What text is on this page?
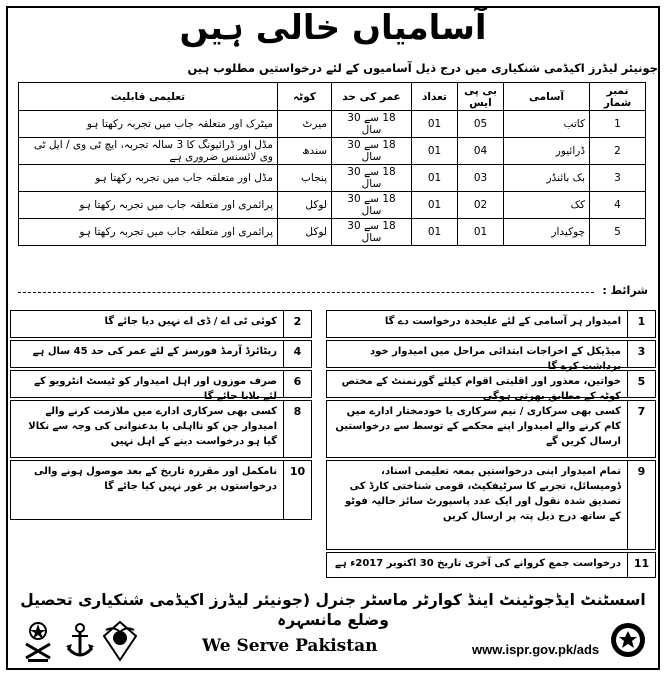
آسامیاں خالی ہیں
جونیئر لیڈرز اکیڈمی شنکیاری میں درج ذیل آسامیوں کے لئے درخواستیں مطلوب ہیں
نمبر شمار	آسامی	بی پی ایس	تعداد	عمر کی حد	کوٹہ	تعلیمی قابلیت
1	کاتب	05	01	18 سے 30 سال	میرٹ	میٹرک اور متعلقہ جاب میں تجربہ رکھتا ہو
2	ڈرائیور	04	01	18 سے 30 سال	سندھ	مڈل اور ڈرائیونگ کا 3 سالہ تجربہ، ایچ ٹی وی / ایل ٹی وی لائسنس ضروری ہے
3	بک بائنڈر	03	01	18 سے 30 سال	پنجاب	مڈل اور متعلقہ جاب میں تجربہ رکھتا ہو
4	کک	02	01	18 سے 30 سال	لوکل	پرائمری اور متعلقہ جاب میں تجربہ رکھتا ہو
5	چوکیدار	01	01	18 سے 30 سال	لوکل	پرائمری اور متعلقہ جاب میں تجربہ رکھتا ہو
شرائط :
1
امیدوار ہر آسامی کے لئے علیحدہ درخواست دے گا
3
میڈیکل کے اخراجات ابتدائی مراحل میں امیدوار خود برداشت کرے گا
5
خواتین، معذور اور اقلیتی اقوام کیلئے گورنمنٹ کے مختص کوٹہ کے مطابق بھرتی ہوگی
7
کسی بھی سرکاری / نیم سرکاری یا خودمختار ادارے میں کام کرنے والے امیدوار اپنے محکمے کے توسط سے درخواستیں ارسال کریں گے
9
تمام امیدوار اپنی درخواستیں بمعہ تعلیمی اسناد، ڈومیسائل، تجربے کا سرٹیفکیٹ، قومی شناختی کارڈ کی تصدیق شدہ نقول اور ایک عدد پاسپورٹ سائز حالیہ فوٹو کے ساتھ درج ذیل پتہ پر ارسال کریں
11
درخواست جمع کروانے کی آخری تاریخ 30 اکتوبر 2017ء ہے
2
کوئی ٹی اے / ڈی اے نہیں دیا جائے گا
4
ریٹائرڈ آرمڈ فورسز کے لئے عمر کی حد 45 سال ہے
6
صرف موزوں اور اہل امیدوار کو ٹیسٹ انٹرویو کے لئے بلایا جائے گا
8
کسی بھی سرکاری ادارے میں ملازمت کرنے والے امیدوار جن کو نااہلی یا بدعنوانی کی وجہ سے نکالا گیا ہو درخواست دینے کے اہل نہیں
10
نامکمل اور مقررہ تاریخ کے بعد موصول ہونے والی درخواستوں پر غور نہیں کیا جائے گا
اسسٹنٹ ایڈجوٹینٹ اینڈ کوارٹر ماسٹر جنرل (جونیئر لیڈرز اکیڈمی شنکیاری تحصیل وضلع مانسہرہ
We Serve Pakistan	www.ispr.gov.pk/ads
